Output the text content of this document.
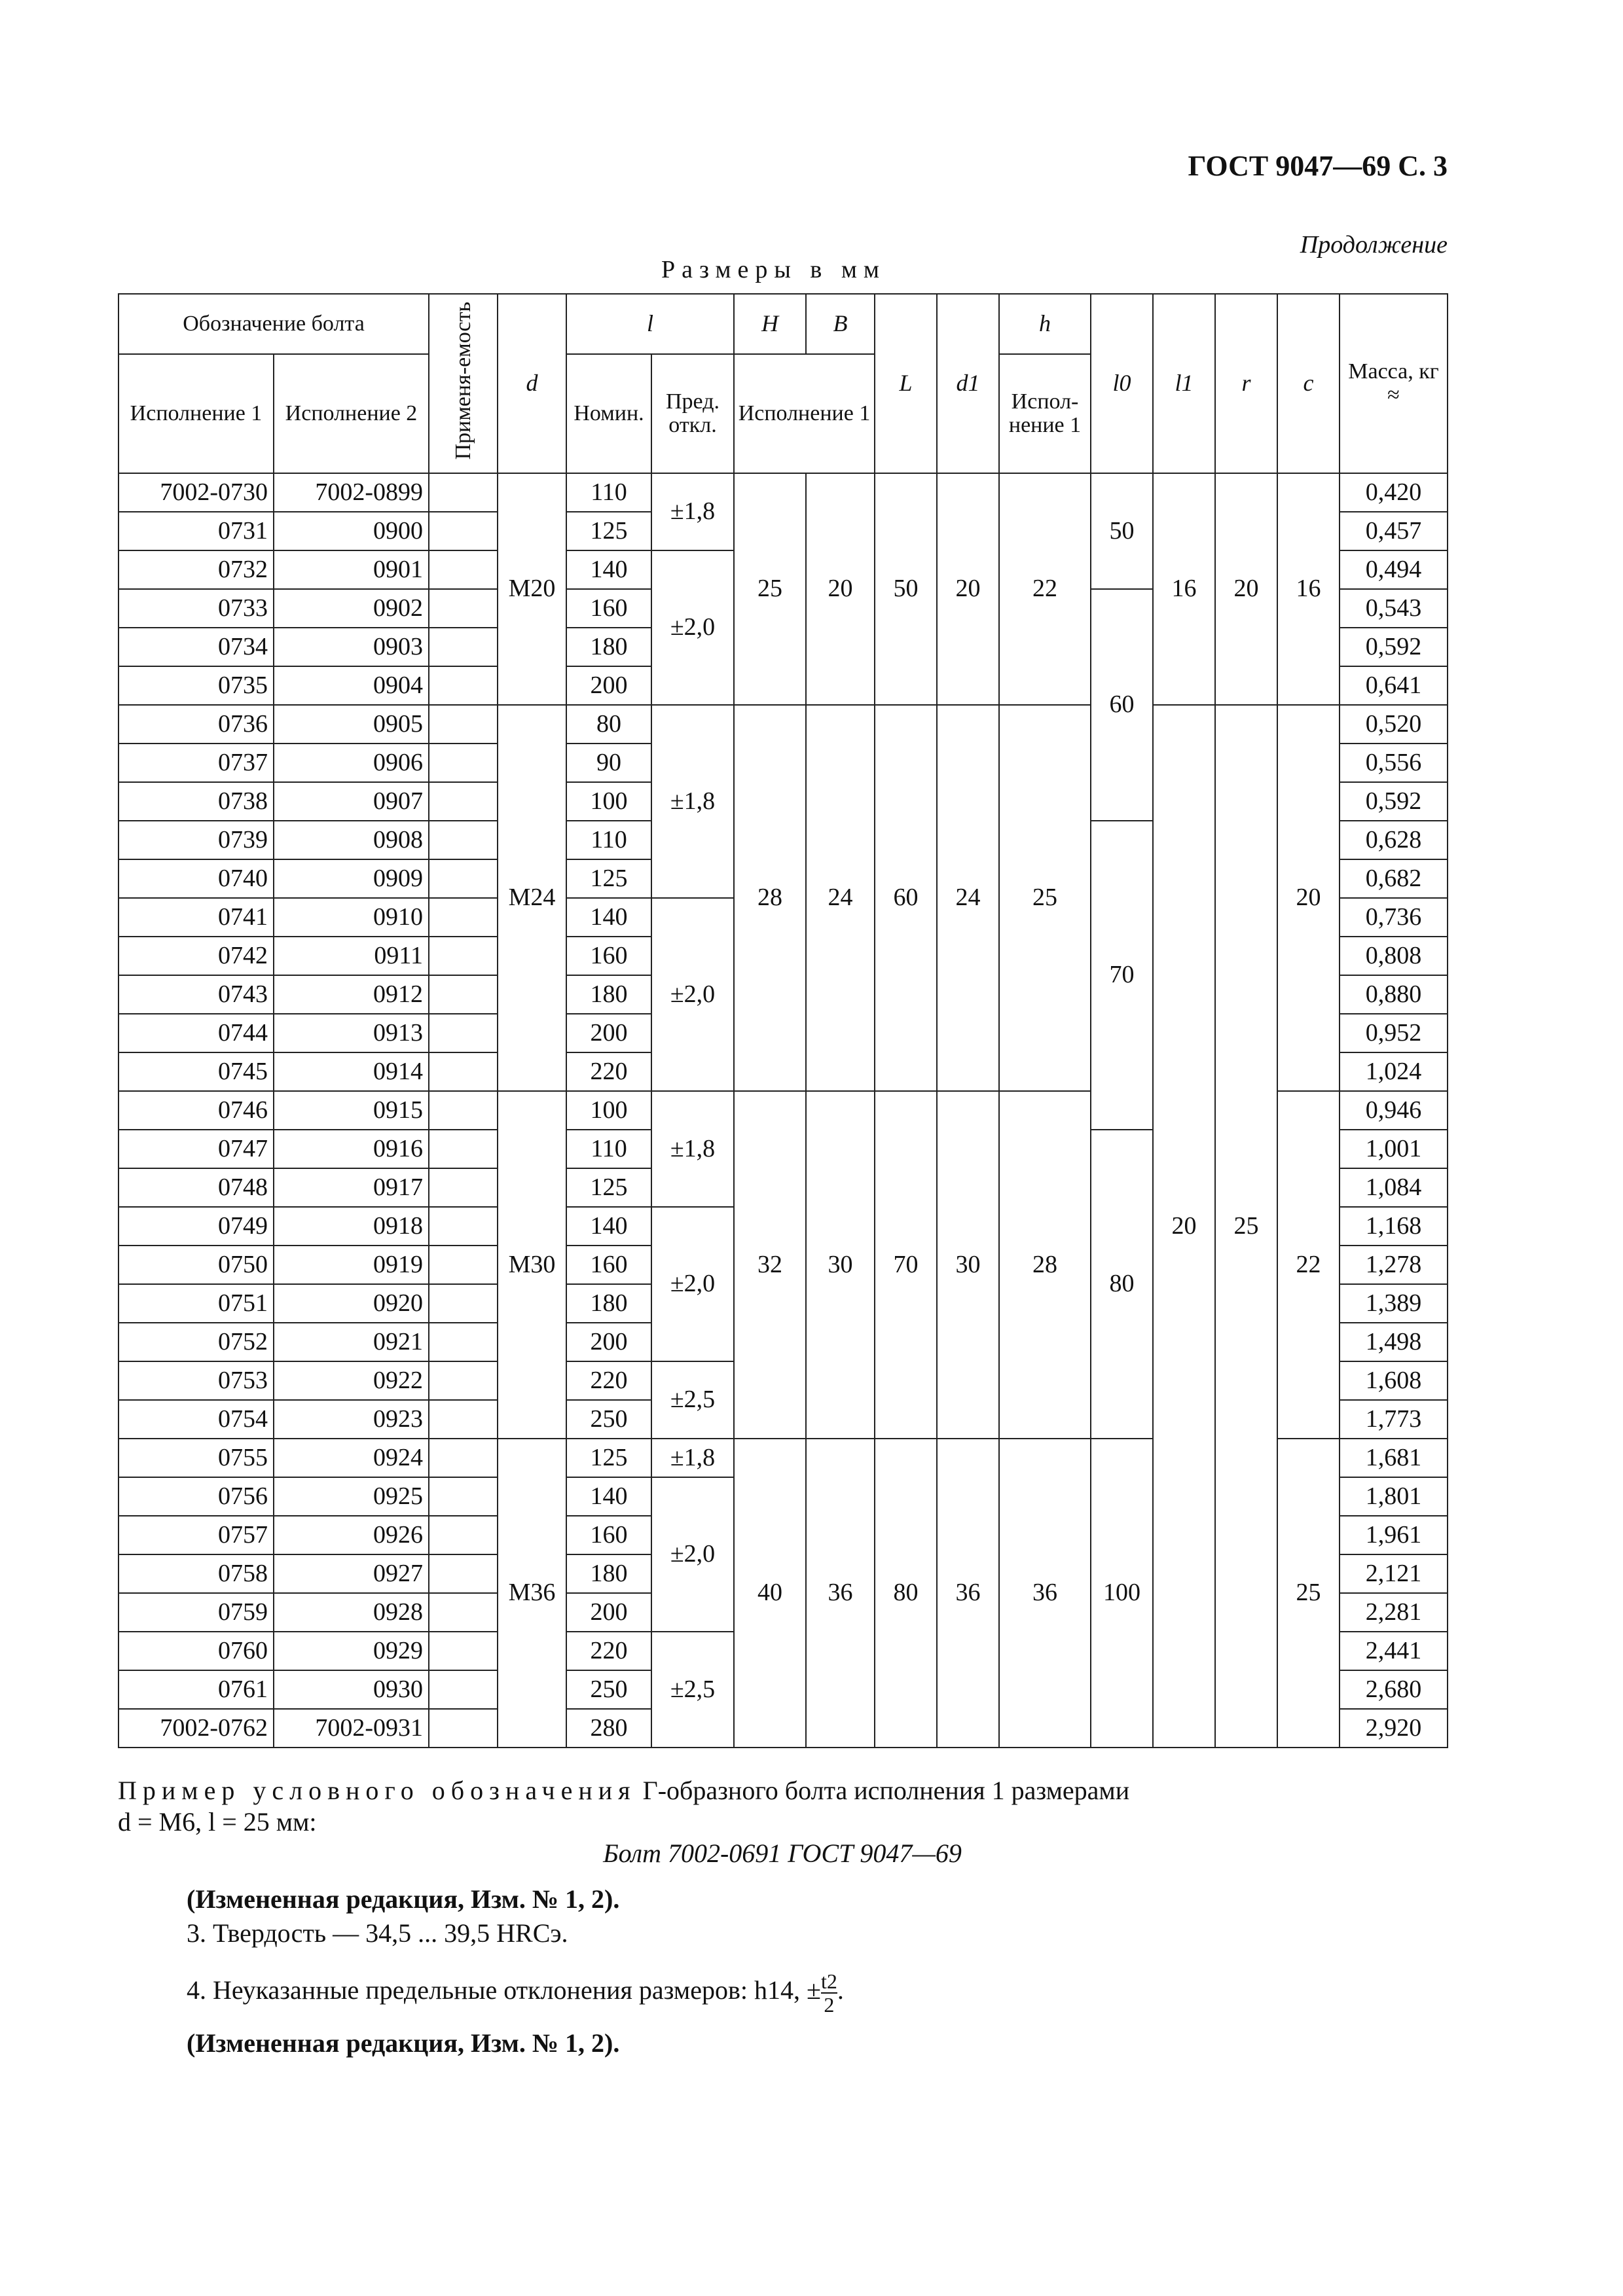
ГОСТ 9047—69 С. 3
Продолжение
Размеры в мм
Обозначение болта		Применя-емость	d	l		H	B	L	d1	h	l0	l1	r	c	Масса, кг ≈
Исполнение 1	Исполнение 2			Номин.	Пред. откл.	Исполнение 1				Испол-нение 1					
7002-0730	7002-0899		M20	110	±1,8	25	20	50	20	22	50	16	20	16	0,420
0731	0900			125											0,457
0732	0901			140	±2,0										0,494
0733	0902			160							60				0,543
0734	0903			180											0,592
0735	0904			200											0,641
0736	0905		M24	80	±1,8	28	24	60	24	25		20	25	20	0,520
0737	0906			90											0,556
0738	0907			100											0,592
0739	0908			110							70				0,628
0740	0909			125											0,682
0741	0910			140	±2,0										0,736
0742	0911			160											0,808
0743	0912			180											0,880
0744	0913			200											0,952
0745	0914			220											1,024
0746	0915		M30	100	±1,8	32	30	70	30	28				22	0,946
0747	0916			110							80				1,001
0748	0917			125											1,084
0749	0918			140	±2,0										1,168
0750	0919			160											1,278
0751	0920			180											1,389
0752	0921			200											1,498
0753	0922			220	±2,5										1,608
0754	0923			250											1,773
0755	0924		M36	125	±1,8	40	36	80	36	36	100			25	1,681
0756	0925			140	±2,0										1,801
0757	0926			160											1,961
0758	0927			180											2,121
0759	0928			200											2,281
0760	0929			220	±2,5										2,441
0761	0930			250											2,680
7002-0762	7002-0931			280											2,920
Пример условного обозначения Г-образного болта исполнения 1 размерами
d = M6, l = 25 мм:
Болт 7002-0691 ГОСТ 9047—69
(Измененная редакция, Изм. № 1, 2).
3. Твердость — 34,5 ... 39,5 HRCэ.
4. Неуказанные предельные отклонения размеров: h14, ± $\frac{t2}{2}$.
(Измененная редакция, Изм. № 1, 2).
